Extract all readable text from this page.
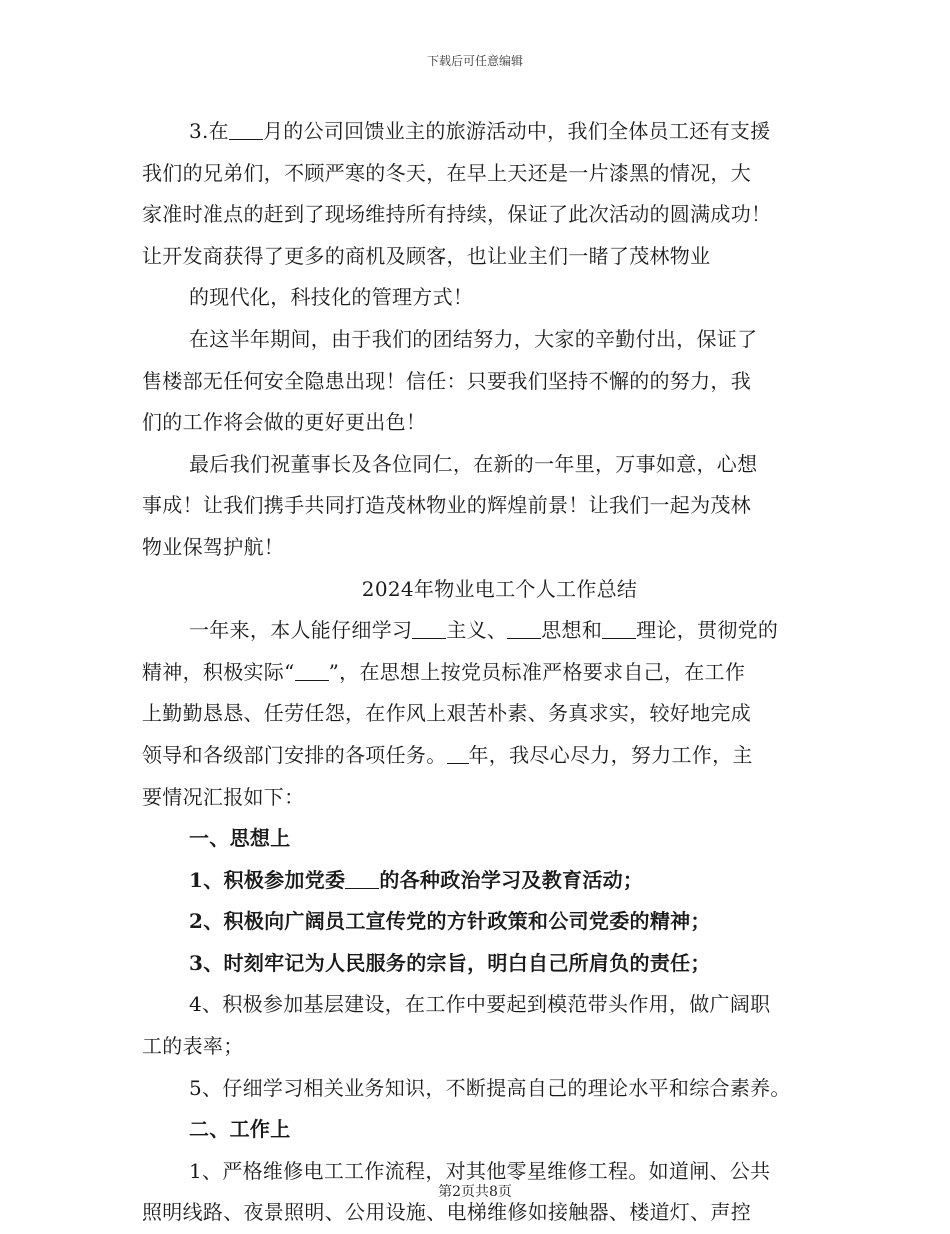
下载后可任意编辑
3.在 月的公司回馈业主的旅游活动中，我们全体员工还有支援
我们的兄弟们，不顾严寒的冬天，在早上天还是一片漆黑的情况，大
家准时准点的赶到了现场维持所有持续，保证了此次活动的圆满成功！
让开发商获得了更多的商机及顾客，也让业主们一睹了茂林物业
的现代化，科技化的管理方式！
在这半年期间，由于我们的团结努力，大家的辛勤付出，保证了
售楼部无任何安全隐患出现！信任：只要我们坚持不懈的的努力，我
们的工作将会做的更好更出色！
最后我们祝董事长及各位同仁，在新的一年里，万事如意，心想
事成！让我们携手共同打造茂林物业的辉煌前景！让我们一起为茂林
物业保驾护航！
2024年物业电工个人工作总结
一年来，本人能仔细学习 主义、 思想和 理论，贯彻党的
精神，积极实际“ ”，在思想上按党员标准严格要求自己，在工作
上勤勤恳恳、任劳任怨，在作风上艰苦朴素、务真求实，较好地完成
领导和各级部门安排的各项任务。 年，我尽心尽力，努力工作，主
要情况汇报如下：
一、思想上
1、积极参加党委 的各种政治学习及教育活动；
2、积极向广阔员工宣传党的方针政策和公司党委的精神；
3、时刻牢记为人民服务的宗旨，明白自己所肩负的责任；
4、积极参加基层建设，在工作中要起到模范带头作用，做广阔职
工的表率；
5、仔细学习相关业务知识，不断提高自己的理论水平和综合素养。
二、工作上
1、严格维修电工工作流程，对其他零星维修工程。如道闸、公共
照明线路、夜景照明、公用设施、电梯维修如接触器、楼道灯、声控
第2页共8页
